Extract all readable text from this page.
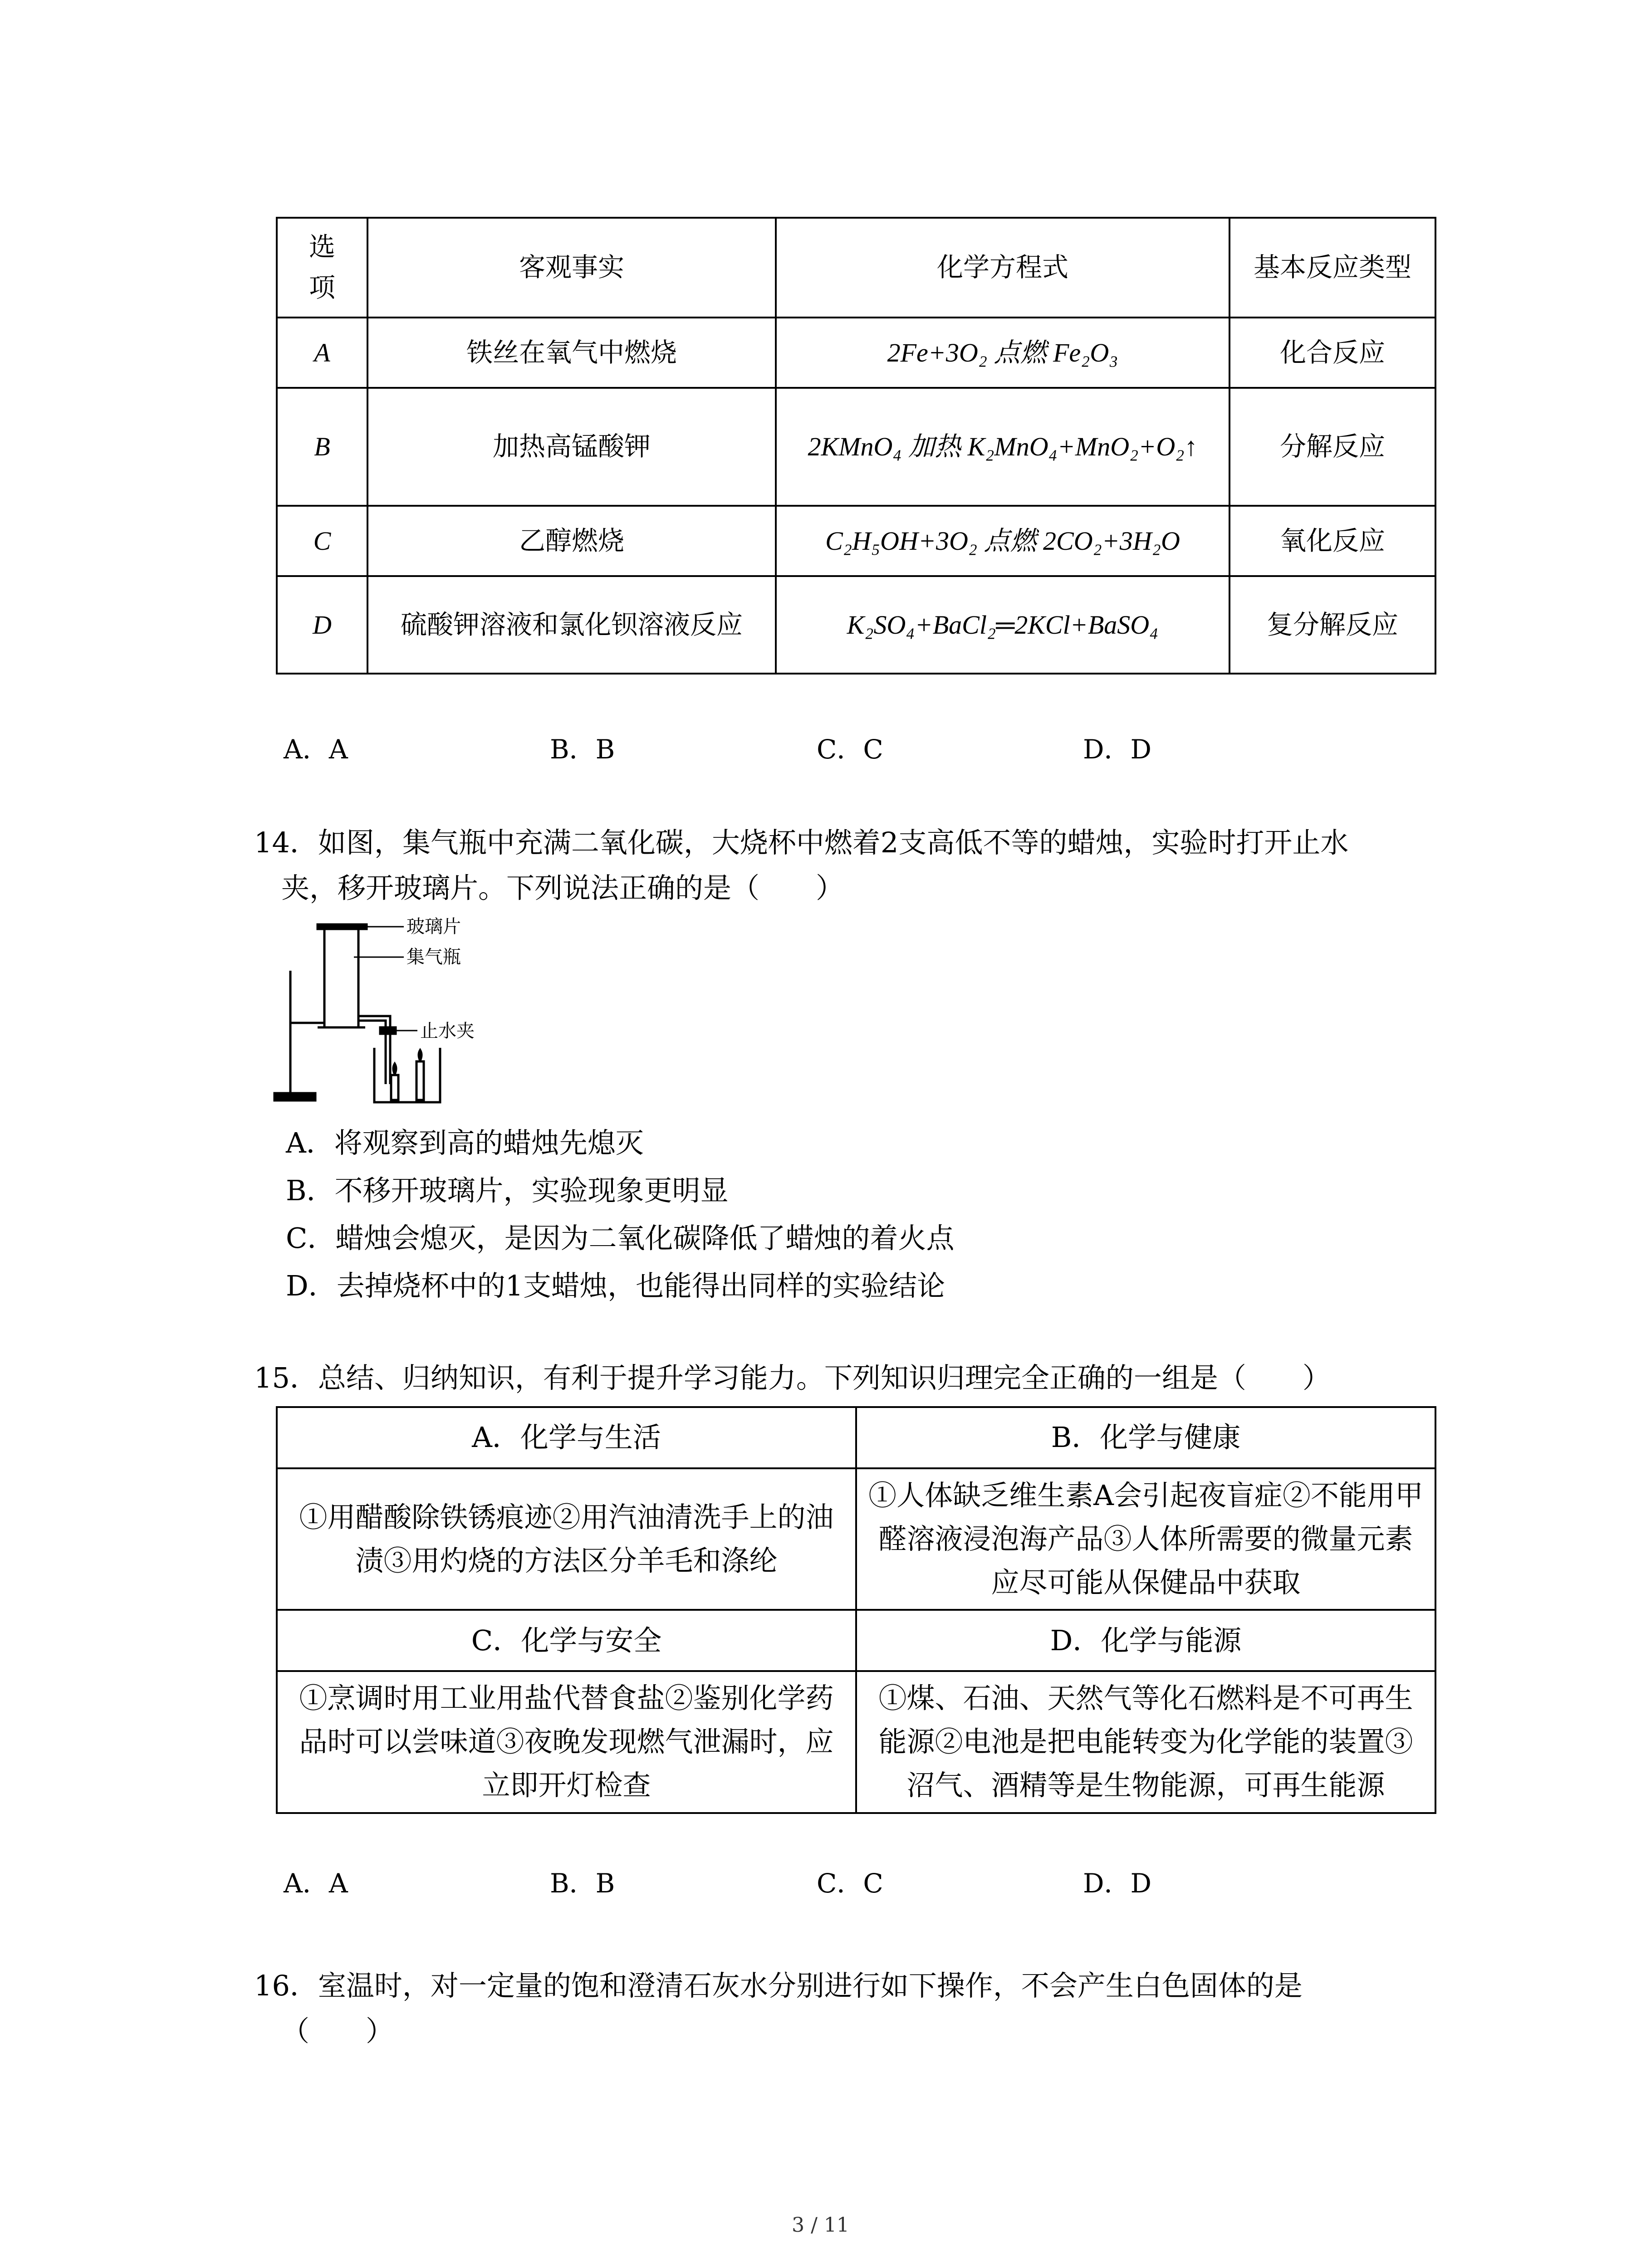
选项	客观事实	化学方程式	基本反应类型
A	铁丝在氧气中燃烧	2Fe+3O₂ 点燃 Fe₂O₃	化合反应
B	加热高锰酸钾	2KMnO₄ 加热 K₂MnO₄+MnO₂+O₂↑	分解反应
C	乙醇燃烧	C₂H₅OH+3O₂ 点燃 2CO₂+3H₂O	氧化反应
D	硫酸钾溶液和氯化钡溶液反应	K₂SO₄+BaCl₂═2KCl+BaSO₄	复分解反应
A．A	B．B	C．C	D．D
14．如图，集气瓶中充满二氧化碳，大烧杯中燃着2支高低不等的蜡烛，实验时打开止水
夹，移开玻璃片。下列说法正确的是（　　）
玻璃片
集气瓶
止水夹
A．将观察到高的蜡烛先熄灭
B．不移开玻璃片，实验现象更明显
C．蜡烛会熄灭，是因为二氧化碳降低了蜡烛的着火点
D．去掉烧杯中的1支蜡烛，也能得出同样的实验结论
15．总结、归纳知识，有利于提升学习能力。下列知识归理完全正确的一组是（　　）
A．化学与生活	B．化学与健康
①用醋酸除铁锈痕迹②用汽油清洗手上的油渍③用灼烧的方法区分羊毛和涤纶	①人体缺乏维生素A会引起夜盲症②不能用甲醛溶液浸泡海产品③人体所需要的微量元素应尽可能从保健品中获取
C．化学与安全	D．化学与能源
①烹调时用工业用盐代替食盐②鉴别化学药品时可以尝味道③夜晚发现燃气泄漏时，应立即开灯检查	①煤、石油、天然气等化石燃料是不可再生能源②电池是把电能转变为化学能的装置③沼气、酒精等是生物能源，可再生能源
A．A	B．B	C．C	D．D
16．室温时，对一定量的饱和澄清石灰水分别进行如下操作，不会产生白色固体的是
（　　）
3 / 11
